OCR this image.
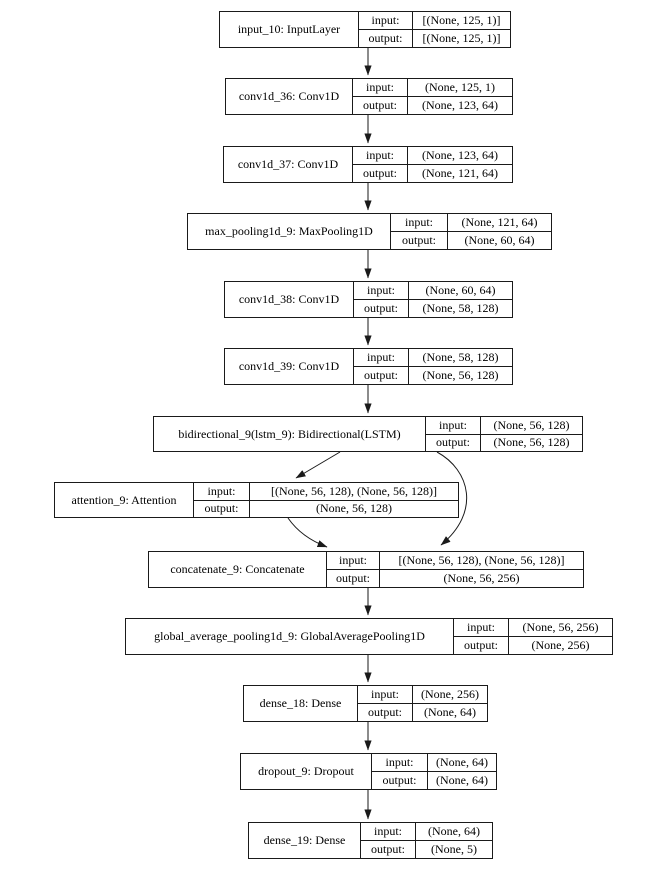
input_10: InputLayer
input:	[(None, 125, 1)]
output:	[(None, 125, 1)]
conv1d_36: Conv1D
input:	(None, 125, 1)
output:	(None, 123, 64)
conv1d_37: Conv1D
input:	(None, 123, 64)
output:	(None, 121, 64)
max_pooling1d_9: MaxPooling1D
input:	(None, 121, 64)
output:	(None, 60, 64)
conv1d_38: Conv1D
input:	(None, 60, 64)
output:	(None, 58, 128)
conv1d_39: Conv1D
input:	(None, 58, 128)
output:	(None, 56, 128)
bidirectional_9(lstm_9): Bidirectional(LSTM)
input:	(None, 56, 128)
output:	(None, 56, 128)
attention_9: Attention
input:	[(None, 56, 128), (None, 56, 128)]
output:	(None, 56, 128)
concatenate_9: Concatenate
input:	[(None, 56, 128), (None, 56, 128)]
output:	(None, 56, 256)
global_average_pooling1d_9: GlobalAveragePooling1D
input:	(None, 56, 256)
output:	(None, 256)
dense_18: Dense
input:	(None, 256)
output:	(None, 64)
dropout_9: Dropout
input:	(None, 64)
output:	(None, 64)
dense_19: Dense
input:	(None, 64)
output:	(None, 5)
